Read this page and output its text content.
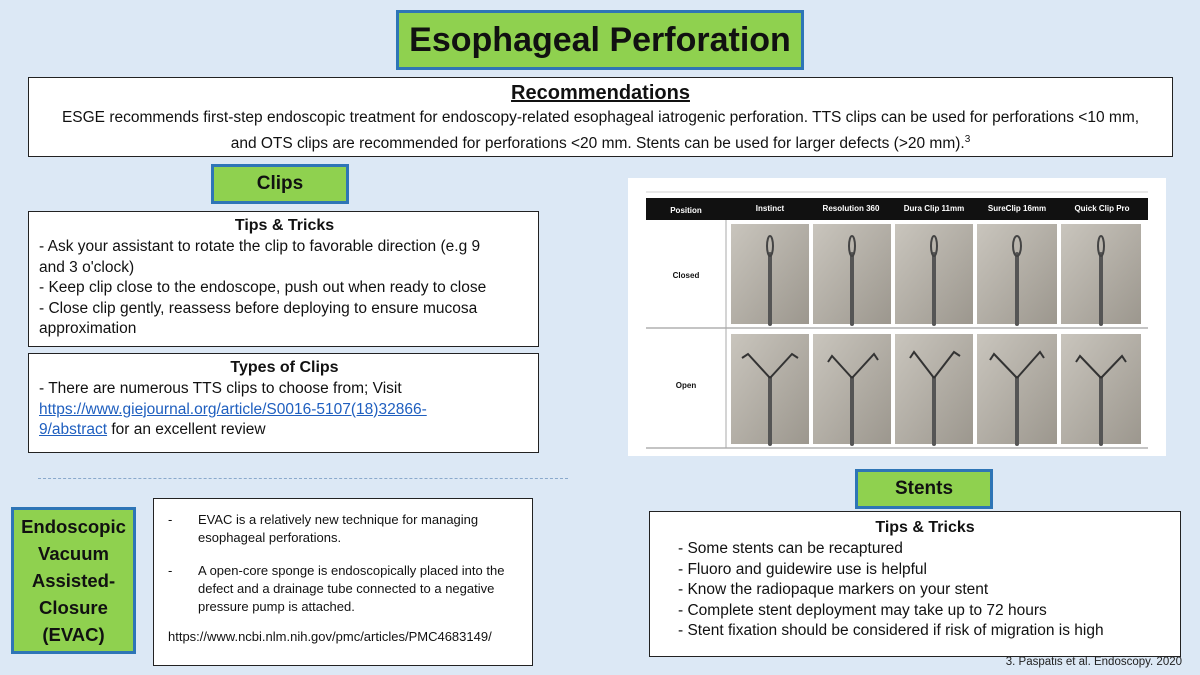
Esophageal Perforation
Recommendations
ESGE recommends first-step endoscopic treatment for endoscopy-related esophageal iatrogenic perforation. TTS clips can be used for perforations <10 mm,
and OTS clips are recommended for perforations <20 mm. Stents can be used for larger defects (>20 mm).$^3$
Clips
Tips & Tricks
- Ask your assistant to rotate the clip to favorable direction (e.g 9
and 3 o'clock)
- Keep clip close to the endoscope, push out when ready to close
- Close clip gently, reassess before deploying to ensure mucosa
approximation
Types of Clips
- There are numerous TTS clips to choose from; Visit
https://www.giejournal.org/article/S0016-5107(18)32866-
9/abstract for an excellent review
Endoscopic
Vacuum
Assisted-
Closure
(EVAC)
-	EVAC is a relatively new technique for managing esophageal perforations.
-	A open-core sponge is endoscopically placed into the defect and a drainage tube connected to a negative pressure pump is attached.
https://www.ncbi.nlm.nih.gov/pmc/articles/PMC4683149/
Position	Instinct	Resolution 360	Dura Clip 11mm	SureClip 16mm	Quick Clip Pro
Closed
Open
Stents
Tips & Tricks
- Some stents can be recaptured
- Fluoro and guidewire use is helpful
- Know the radiopaque markers on your stent
- Complete stent deployment may take up to 72 hours
- Stent fixation should be considered if risk of migration is high
3. Paspatis et al. Endoscopy. 2020
